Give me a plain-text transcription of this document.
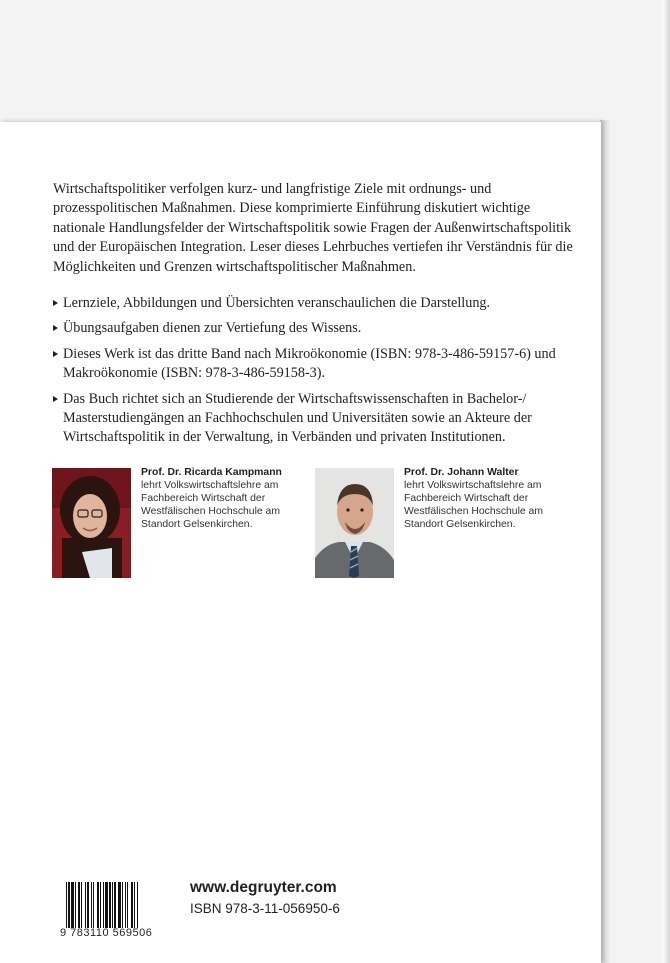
Wirtschaftspolitiker verfolgen kurz- und langfristige Ziele mit ordnungs- und prozesspolitischen Maßnahmen. Diese komprimierte Einführung diskutiert wichtige nationale Handlungsfelder der Wirtschaftspolitik sowie Fragen der Außenwirtschaftspolitik und der Europäischen Integration. Leser dieses Lehrbuches vertiefen ihr Verständnis für die Möglichkeiten und Grenzen wirtschaftspolitischer Maßnahmen.

Lernziele, Abbildungen und Übersichten veranschaulichen die Darstellung.
Übungsaufgaben dienen zur Vertiefung des Wissens.
Dieses Werk ist das dritte Band nach Mikroökonomie (ISBN: 978-3-486-59157-6) und Makroökonomie (ISBN: 978-3-486-59158-3).
Das Buch richtet sich an Studierende der Wirtschaftswissenschaften in Bachelor-/ Masterstudiengängen an Fachhochschulen und Universitäten sowie an Akteure der Wirtschaftspolitik in der Verwaltung, in Verbänden und privaten Institutionen.
Prof. Dr. Ricarda Kampmann
lehrt Volkswirtschaftslehre am Fachbereich Wirtschaft der Westfälischen Hochschule am Standort Gelsenkirchen.
Prof. Dr. Johann Walter
lehrt Volkswirtschaftslehre am Fachbereich Wirtschaft der Westfälischen Hochschule am Standort Gelsenkirchen.
9 783110 569506
www.degruyter.com
ISBN 978-3-11-056950-6
